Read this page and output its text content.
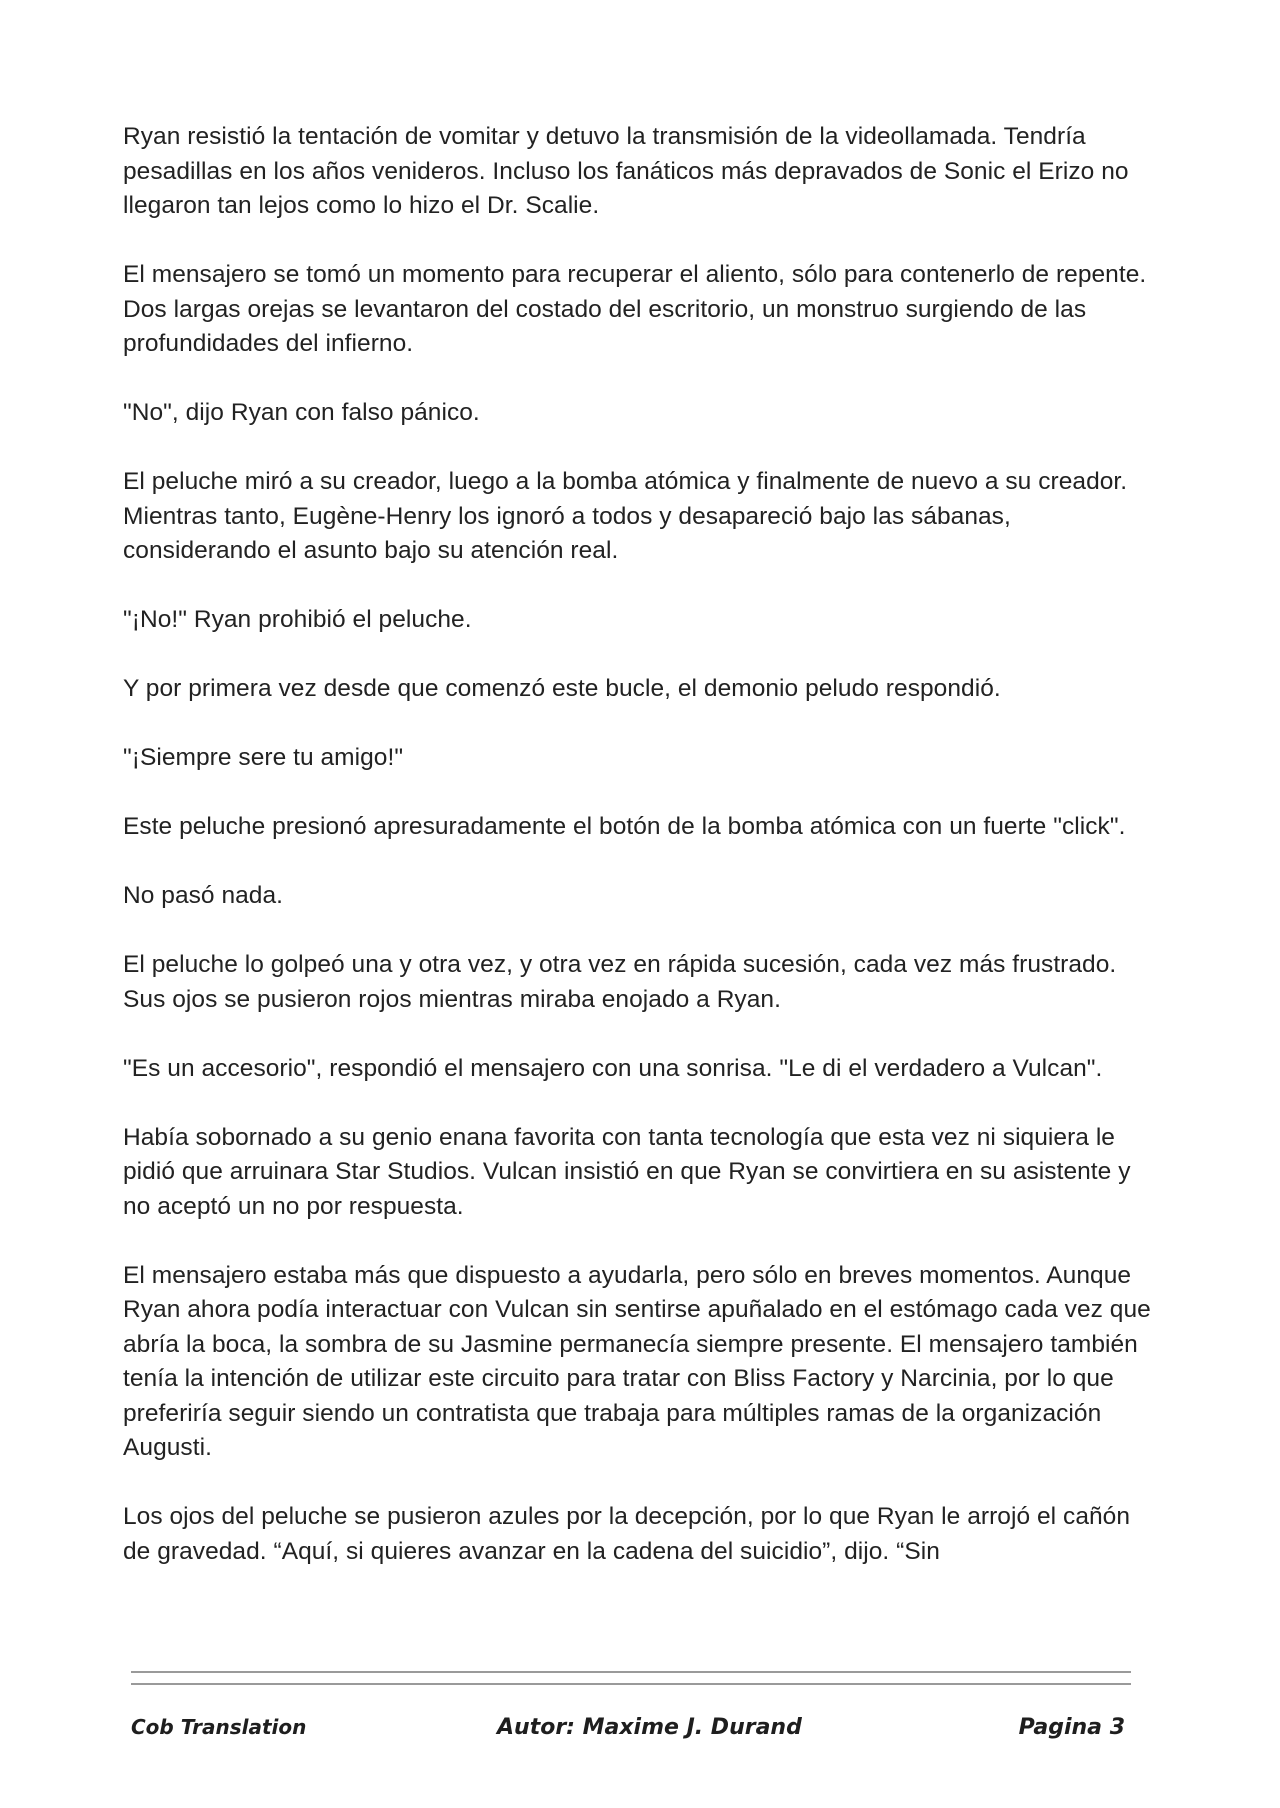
Ryan resistió la tentación de vomitar y detuvo la transmisión de la videollamada. Tendría pesadillas en los años venideros. Incluso los fanáticos más depravados de Sonic el Erizo no llegaron tan lejos como lo hizo el Dr. Scalie.

El mensajero se tomó un momento para recuperar el aliento, sólo para contenerlo de repente. Dos largas orejas se levantaron del costado del escritorio, un monstruo surgiendo de las profundidades del infierno.

"No", dijo Ryan con falso pánico.

El peluche miró a su creador, luego a la bomba atómica y finalmente de nuevo a su creador. Mientras tanto, Eugène-Henry los ignoró a todos y desapareció bajo las sábanas, considerando el asunto bajo su atención real.

"¡No!" Ryan prohibió el peluche.

Y por primera vez desde que comenzó este bucle, el demonio peludo respondió.

"¡Siempre sere tu amigo!"

Este peluche presionó apresuradamente el botón de la bomba atómica con un fuerte "click".

No pasó nada.

El peluche lo golpeó una y otra vez, y otra vez en rápida sucesión, cada vez más frustrado. Sus ojos se pusieron rojos mientras miraba enojado a Ryan.

"Es un accesorio", respondió el mensajero con una sonrisa. "Le di el verdadero a Vulcan".

Había sobornado a su genio enana favorita con tanta tecnología que esta vez ni siquiera le pidió que arruinara Star Studios. Vulcan insistió en que Ryan se convirtiera en su asistente y no aceptó un no por respuesta.

El mensajero estaba más que dispuesto a ayudarla, pero sólo en breves momentos. Aunque Ryan ahora podía interactuar con Vulcan sin sentirse apuñalado en el estómago cada vez que abría la boca, la sombra de su Jasmine permanecía siempre presente. El mensajero también tenía la intención de utilizar este circuito para tratar con Bliss Factory y Narcinia, por lo que preferiría seguir siendo un contratista que trabaja para múltiples ramas de la organización Augusti.

Los ojos del peluche se pusieron azules por la decepción, por lo que Ryan le arrojó el cañón de gravedad. “Aquí, si quieres avanzar en la cadena del suicidio”, dijo. “Sin

Cob Translation	Autor: Maxime J. Durand	Pagina 3
